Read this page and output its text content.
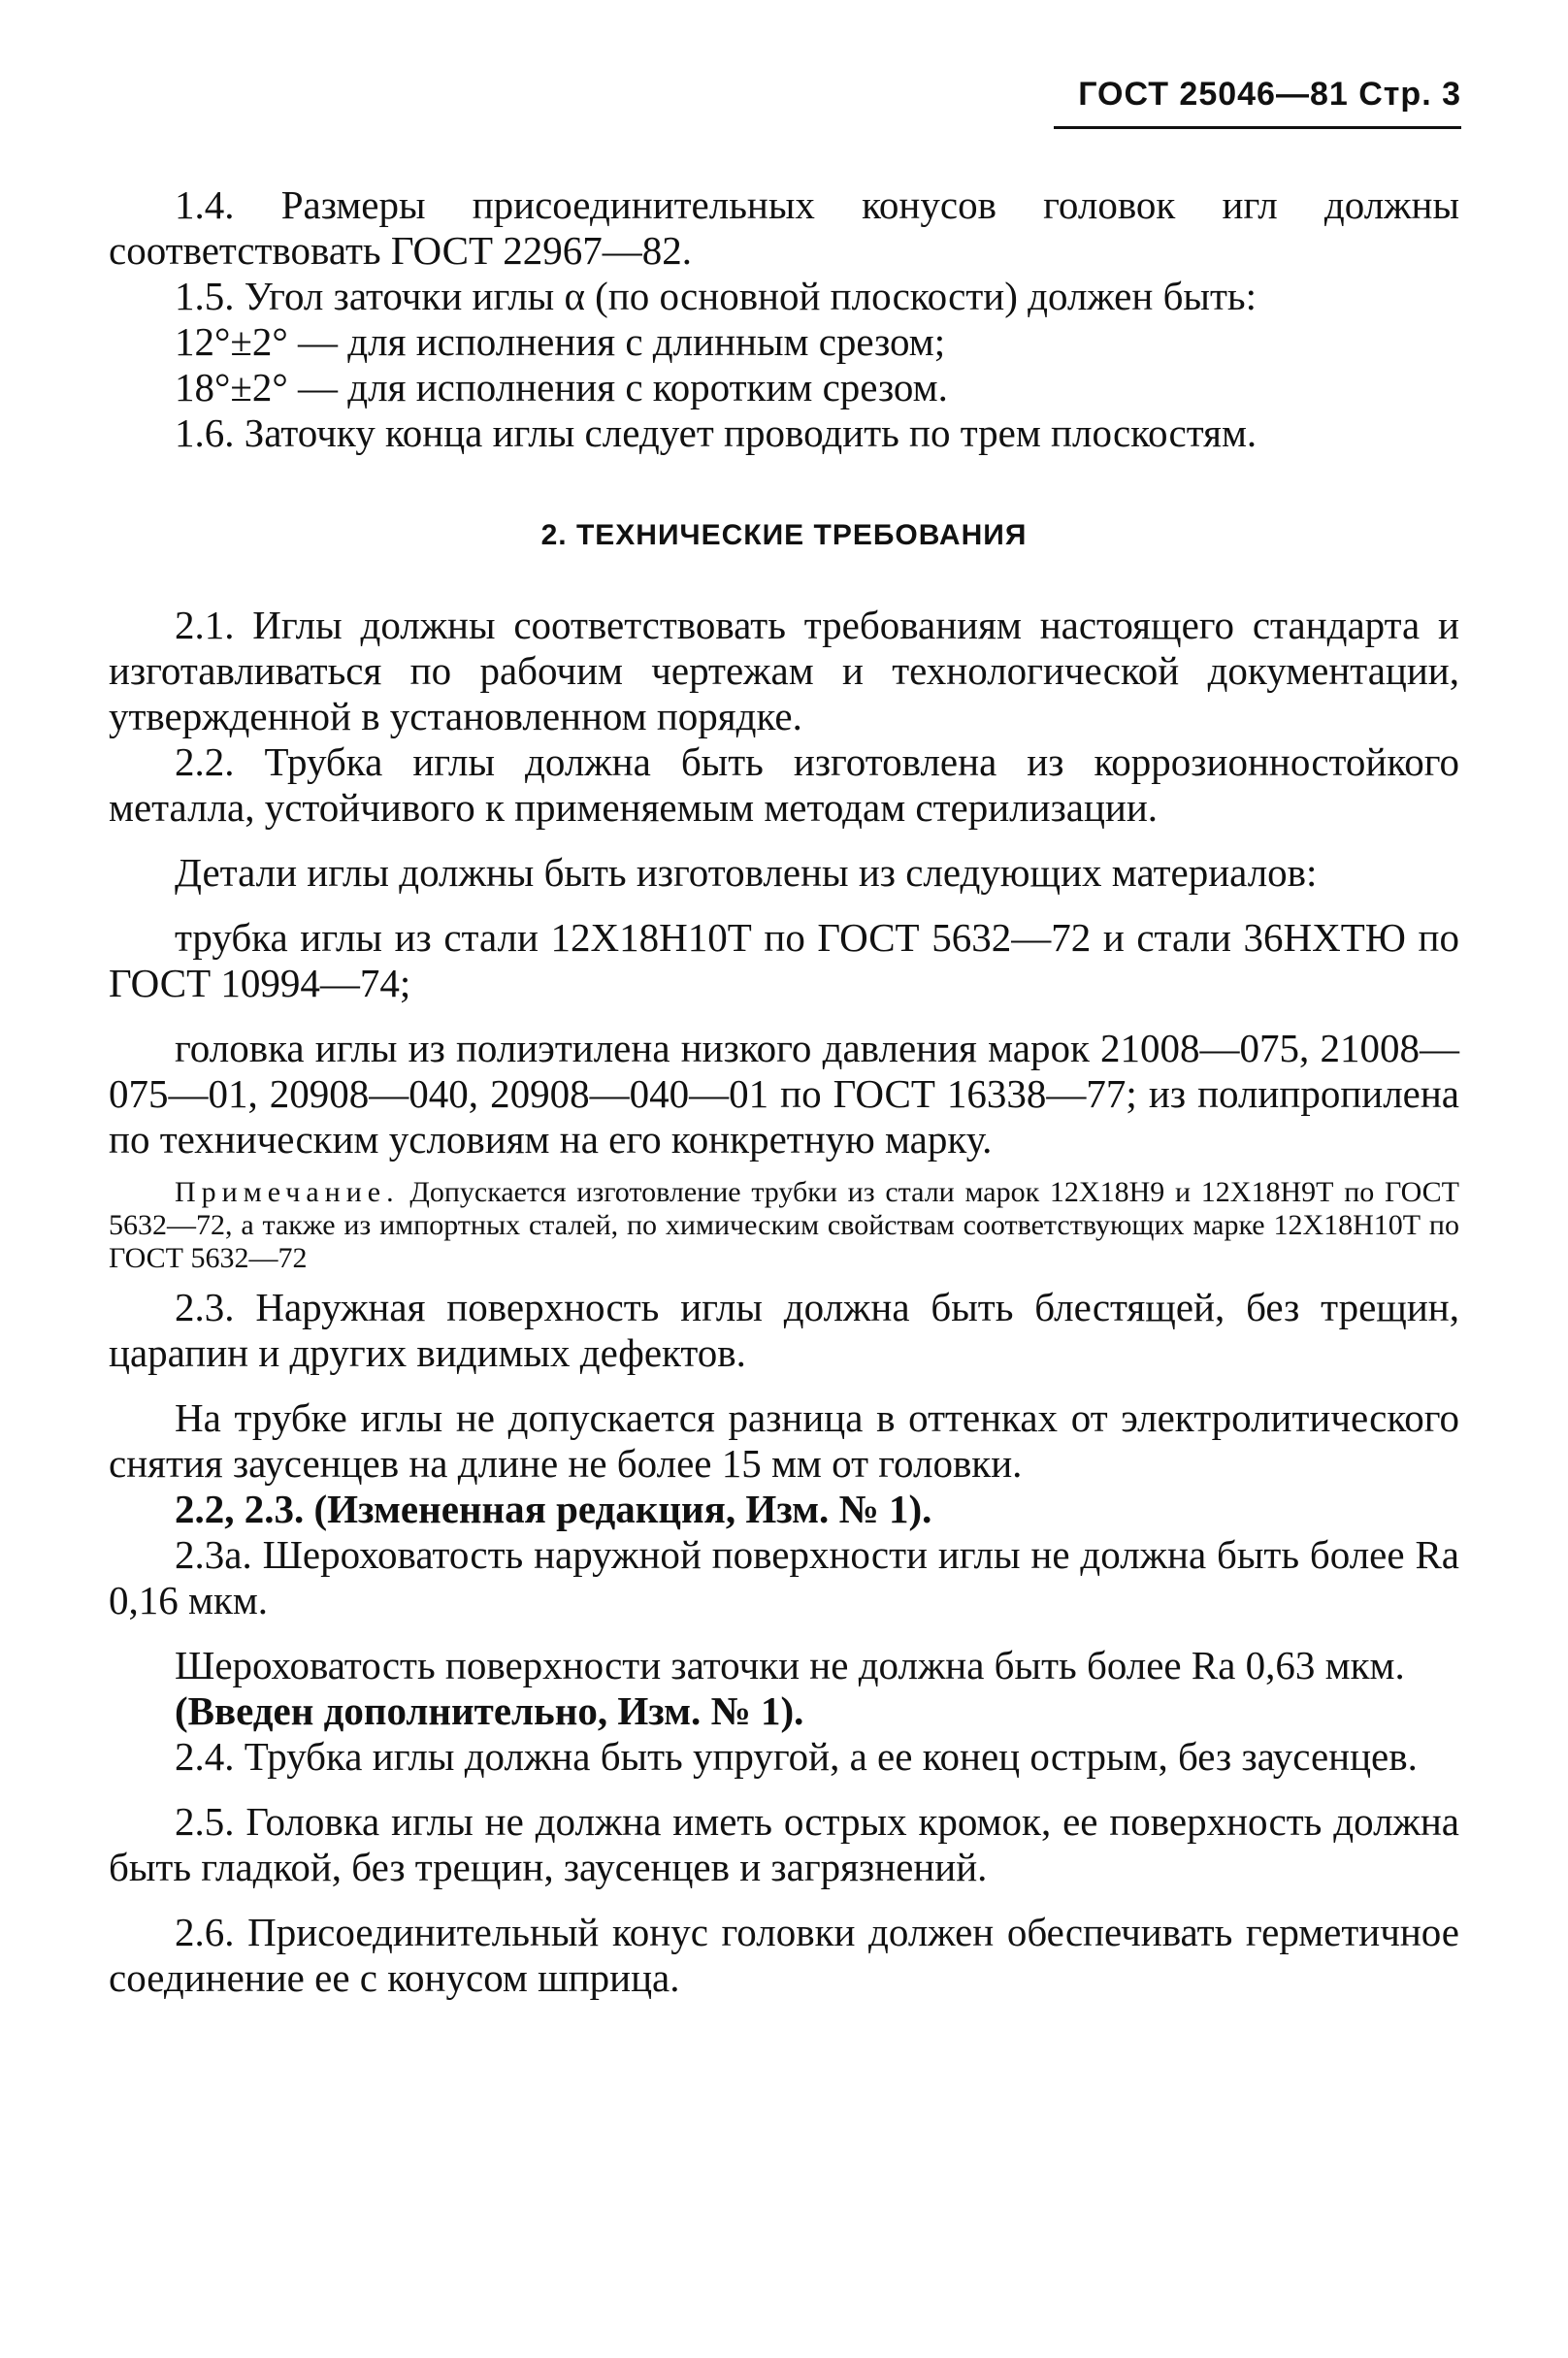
ГОСТ 25046—81 Стр. 3

1.4. Размеры присоединительных конусов головок игл должны соответствовать ГОСТ 22967—82.

1.5. Угол заточки иглы α (по основной плоскости) должен быть:

12°±2° — для исполнения с длинным срезом;

18°±2° — для исполнения с коротким срезом.

1.6. Заточку конца иглы следует проводить по трем плоскостям.

2. ТЕХНИЧЕСКИЕ ТРЕБОВАНИЯ

2.1. Иглы должны соответствовать требованиям настоящего стандарта и изготавливаться по рабочим чертежам и технологической документации, утвержденной в установленном порядке.

2.2. Трубка иглы должна быть изготовлена из коррозионностойкого металла, устойчивого к применяемым методам стерилизации.

Детали иглы должны быть изготовлены из следующих материалов:

трубка иглы из стали 12Х18Н10Т по ГОСТ 5632—72 и стали 36НХТЮ по ГОСТ 10994—74;

головка иглы из полиэтилена низкого давления марок 21008—075, 21008—075—01, 20908—040, 20908—040—01 по ГОСТ 16338—77; из полипропилена по техническим условиям на его конкретную марку.

Примечание. Допускается изготовление трубки из стали марок 12Х18Н9 и 12Х18Н9Т по ГОСТ 5632—72, а также из импортных сталей, по химическим свойствам соответствующих марке 12Х18Н10Т по ГОСТ 5632—72

2.3. Наружная поверхность иглы должна быть блестящей, без трещин, царапин и других видимых дефектов.

На трубке иглы не допускается разница в оттенках от электролитического снятия заусенцев на длине не более 15 мм от головки.

2.2, 2.3. (Измененная редакция, Изм. № 1).

2.3а. Шероховатость наружной поверхности иглы не должна быть более Ra 0,16 мкм.

Шероховатость поверхности заточки не должна быть более Ra 0,63 мкм.

(Введен дополнительно, Изм. № 1).

2.4. Трубка иглы должна быть упругой, а ее конец острым, без заусенцев.

2.5. Головка иглы не должна иметь острых кромок, ее поверхность должна быть гладкой, без трещин, заусенцев и загрязнений.

2.6. Присоединительный конус головки должен обеспечивать герметичное соединение ее с конусом шприца.
